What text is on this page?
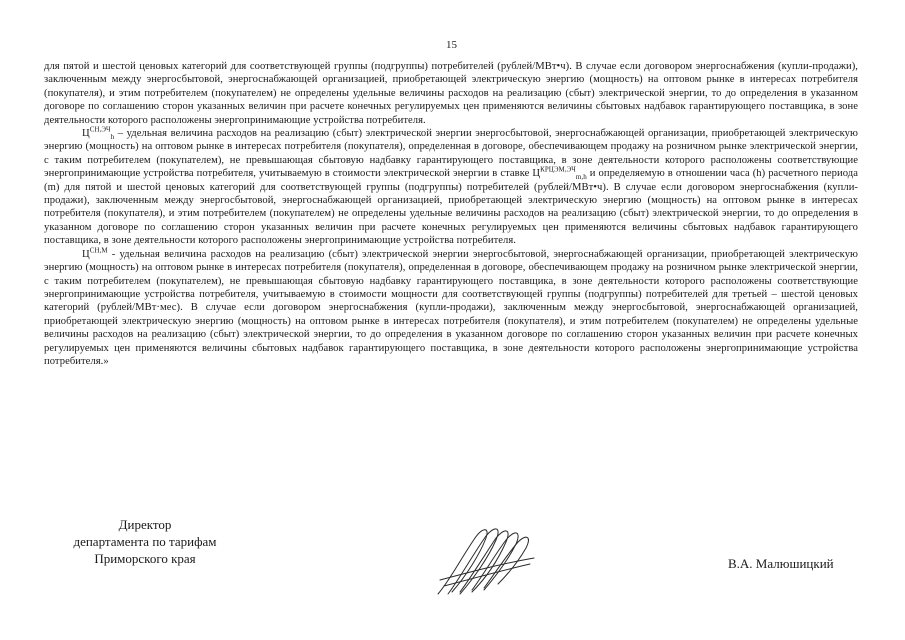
15

для пятой и шестой ценовых категорий для соответствующей группы (подгруппы) потребителей (рублей/МВт•ч). В случае если договором энергоснабжения (купли-продажи), заключенным между энергосбытовой, энергоснабжающей организацией, приобретающей электрическую энергию (мощность) на оптовом рынке в интересах потребителя (покупателя), и этим потребителем (покупателем) не определены удельные величины расходов на реализацию (сбыт) электрической энергии, то до определения в указанном договоре по соглашению сторон указанных величин при расчете конечных регулируемых цен применяются величины сбытовых надбавок гарантирующего поставщика, в зоне деятельности которого расположены энергопринимающие устройства потребителя.

$Ц^{СН,ЭЧ}_h$ – удельная величина расходов на реализацию (сбыт) электрической энергии энергосбытовой, энергоснабжающей организации, приобретающей электрическую энергию (мощность) на оптовом рынке в интересах потребителя (покупателя), определенная в договоре, обеспечивающем продажу на розничном рынке электрической энергии, с таким потребителем (покупателем), не превышающая сбытовую надбавку гарантирующего поставщика, в зоне деятельности которого расположены соответствующие энергопринимающие устройства потребителя, учитываемую в стоимости электрической энергии в ставке $Ц^{КРЦЭМ,ЭЧ}_{m,h}$ и определяемую в отношении часа (h) расчетного периода (m) для пятой и шестой ценовых категорий для соответствующей группы (подгруппы) потребителей (рублей/МВт•ч). В случае если договором энергоснабжения (купли-продажи), заключенным между энергосбытовой, энергоснабжающей организацией, приобретающей электрическую энергию (мощность) на оптовом рынке в интересах потребителя (покупателя), и этим потребителем (покупателем) не определены удельные величины расходов на реализацию (сбыт) электрической энергии, то до определения в указанном договоре по соглашению сторон указанных величин при расчете конечных регулируемых цен применяются величины сбытовых надбавок гарантирующего поставщика, в зоне деятельности которого расположены энергопринимающие устройства потребителя.

$Ц^{СН,М}$ - удельная величина расходов на реализацию (сбыт) электрической энергии энергосбытовой, энергоснабжающей организации, приобретающей электрическую энергию (мощность) на оптовом рынке в интересах потребителя (покупателя), определенная в договоре, обеспечивающем продажу на розничном рынке электрической энергии, с таким потребителем (покупателем), не превышающая сбытовую надбавку гарантирующего поставщика, в зоне деятельности которого расположены соответствующие энергопринимающие устройства потребителя, учитываемую в стоимости мощности для соответствующей группы (подгруппы) потребителей для третьей – шестой ценовых категорий (рублей/МВт·мес). В случае если договором энергоснабжения (купли-продажи), заключенным между энергосбытовой, энергоснабжающей организацией, приобретающей электрическую энергию (мощность) на оптовом рынке в интересах потребителя (покупателя), и этим потребителем (покупателем) не определены удельные величины расходов на реализацию (сбыт) электрической энергии, то до определения в указанном договоре по соглашению сторон указанных величин при расчете конечных регулируемых цен применяются величины сбытовых надбавок гарантирующего поставщика, в зоне деятельности которого расположены энергопринимающие устройства потребителя.»

Директор
департамента по тарифам
Приморского края	В.А. Малюшицкий
